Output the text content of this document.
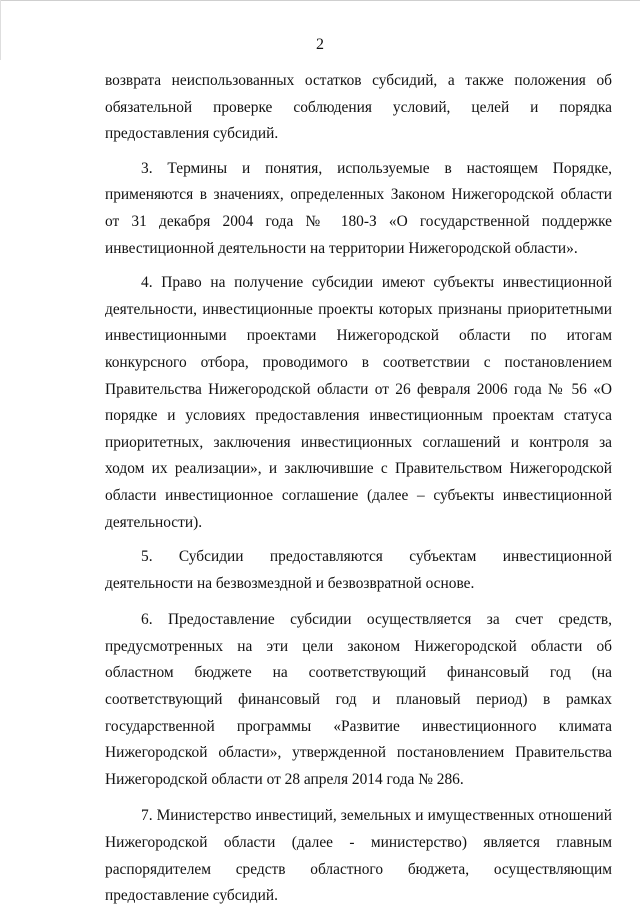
2

возврата неиспользованных остатков субсидий, а также положения об обязательной проверке соблюдения условий, целей и порядка предоставления субсидий.

3. Термины и понятия, используемые в настоящем Порядке, применяются в значениях, определенных Законом Нижегородской области от 31 декабря 2004 года № 180-З «О государственной поддержке инвестиционной деятельности на территории Нижегородской области».

4. Право на получение субсидии имеют субъекты инвестиционной деятельности, инвестиционные проекты которых признаны приоритетными инвестиционными проектами Нижегородской области по итогам конкурсного отбора, проводимого в соответствии с постановлением Правительства Нижегородской области от 26 февраля 2006 года № 56 «О порядке и условиях предоставления инвестиционным проектам статуса приоритетных, заключения инвестиционных соглашений и контроля за ходом их реализации», и заключившие с Правительством Нижегородской области инвестиционное соглашение (далее – субъекты инвестиционной деятельности).

5. Субсидии предоставляются субъектам инвестиционной деятельности на безвозмездной и безвозвратной основе.

6. Предоставление субсидии осуществляется за счет средств, предусмотренных на эти цели законом Нижегородской области об областном бюджете на соответствующий финансовый год (на соответствующий финансовый год и плановый период) в рамках государственной программы «Развитие инвестиционного климата Нижегородской области», утвержденной постановлением Правительства Нижегородской области от 28 апреля 2014 года № 286.

7. Министерство инвестиций, земельных и имущественных отношений Нижегородской области (далее - министерство) является главным распорядителем средств областного бюджета, осуществляющим предоставление субсидий.
